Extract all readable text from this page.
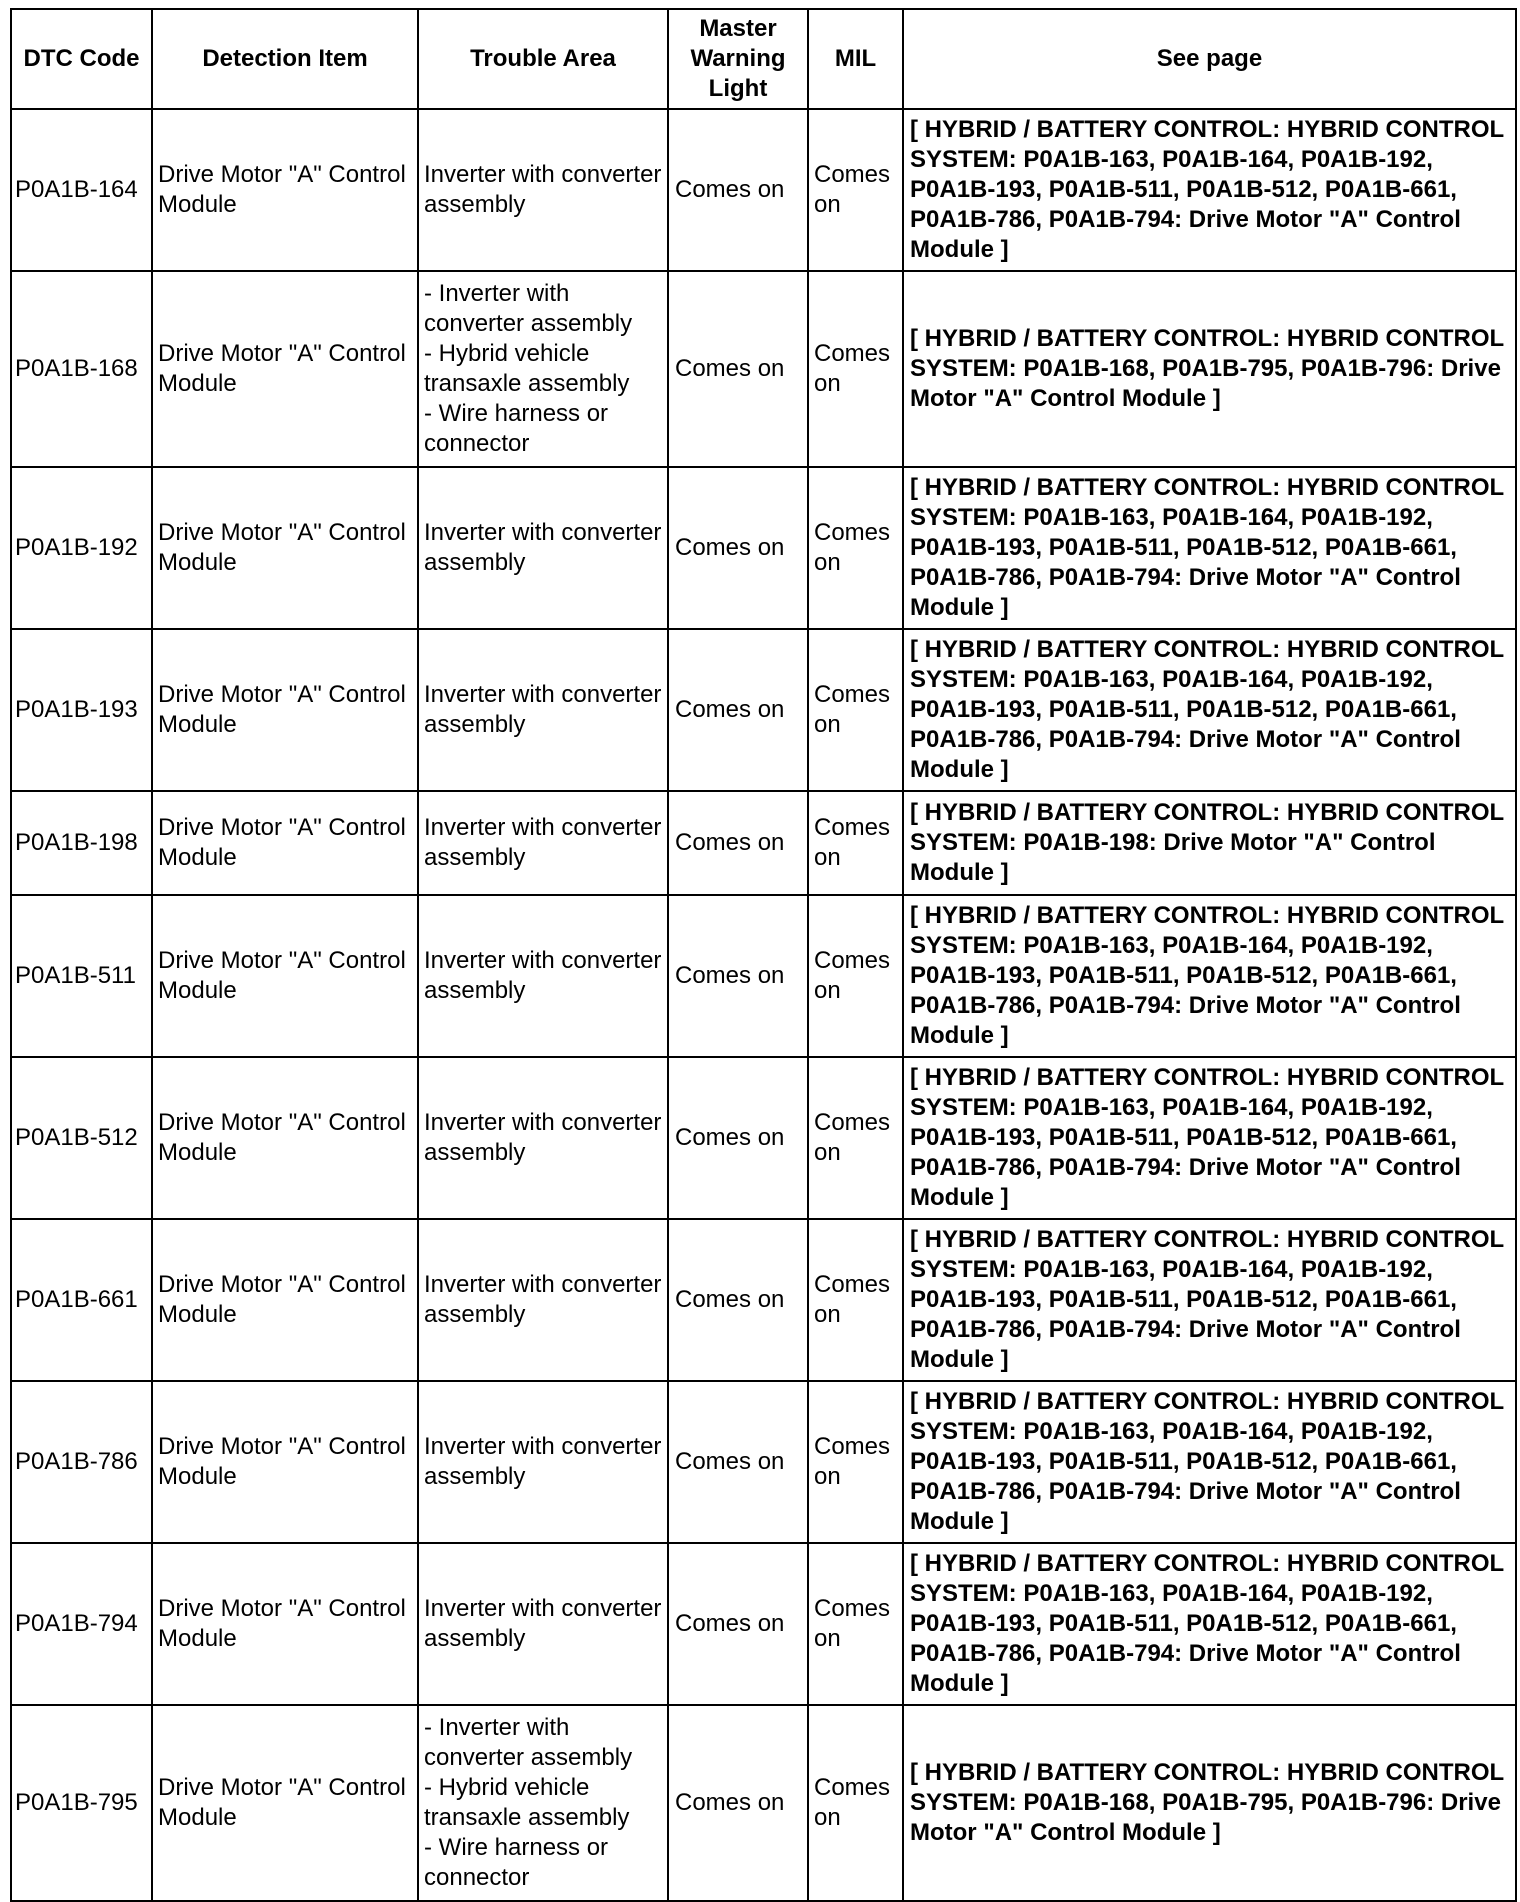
DTC Code	Detection Item	Trouble Area	Master Warning Light	MIL	See page
P0A1B-164	Drive Motor "A" Control Module	Inverter with converter assembly	Comes on	Comes on	[ HYBRID / BATTERY CONTROL: HYBRID CONTROL SYSTEM: P0A1B-163, P0A1B-164, P0A1B-192, P0A1B-193, P0A1B-511, P0A1B-512, P0A1B-661, P0A1B-786, P0A1B-794: Drive Motor "A" Control Module ]
P0A1B-168	Drive Motor "A" Control Module	- Inverter with converter assembly
- Hybrid vehicle transaxle assembly
- Wire harness or connector	Comes on	Comes on	[ HYBRID / BATTERY CONTROL: HYBRID CONTROL SYSTEM: P0A1B-168, P0A1B-795, P0A1B-796: Drive Motor "A" Control Module ]
P0A1B-192	Drive Motor "A" Control Module	Inverter with converter assembly	Comes on	Comes on	[ HYBRID / BATTERY CONTROL: HYBRID CONTROL SYSTEM: P0A1B-163, P0A1B-164, P0A1B-192, P0A1B-193, P0A1B-511, P0A1B-512, P0A1B-661, P0A1B-786, P0A1B-794: Drive Motor "A" Control Module ]
P0A1B-193	Drive Motor "A" Control Module	Inverter with converter assembly	Comes on	Comes on	[ HYBRID / BATTERY CONTROL: HYBRID CONTROL SYSTEM: P0A1B-163, P0A1B-164, P0A1B-192, P0A1B-193, P0A1B-511, P0A1B-512, P0A1B-661, P0A1B-786, P0A1B-794: Drive Motor "A" Control Module ]
P0A1B-198	Drive Motor "A" Control Module	Inverter with converter assembly	Comes on	Comes on	[ HYBRID / BATTERY CONTROL: HYBRID CONTROL SYSTEM: P0A1B-198: Drive Motor "A" Control Module ]
P0A1B-511	Drive Motor "A" Control Module	Inverter with converter assembly	Comes on	Comes on	[ HYBRID / BATTERY CONTROL: HYBRID CONTROL SYSTEM: P0A1B-163, P0A1B-164, P0A1B-192, P0A1B-193, P0A1B-511, P0A1B-512, P0A1B-661, P0A1B-786, P0A1B-794: Drive Motor "A" Control Module ]
P0A1B-512	Drive Motor "A" Control Module	Inverter with converter assembly	Comes on	Comes on	[ HYBRID / BATTERY CONTROL: HYBRID CONTROL SYSTEM: P0A1B-163, P0A1B-164, P0A1B-192, P0A1B-193, P0A1B-511, P0A1B-512, P0A1B-661, P0A1B-786, P0A1B-794: Drive Motor "A" Control Module ]
P0A1B-661	Drive Motor "A" Control Module	Inverter with converter assembly	Comes on	Comes on	[ HYBRID / BATTERY CONTROL: HYBRID CONTROL SYSTEM: P0A1B-163, P0A1B-164, P0A1B-192, P0A1B-193, P0A1B-511, P0A1B-512, P0A1B-661, P0A1B-786, P0A1B-794: Drive Motor "A" Control Module ]
P0A1B-786	Drive Motor "A" Control Module	Inverter with converter assembly	Comes on	Comes on	[ HYBRID / BATTERY CONTROL: HYBRID CONTROL SYSTEM: P0A1B-163, P0A1B-164, P0A1B-192, P0A1B-193, P0A1B-511, P0A1B-512, P0A1B-661, P0A1B-786, P0A1B-794: Drive Motor "A" Control Module ]
P0A1B-794	Drive Motor "A" Control Module	Inverter with converter assembly	Comes on	Comes on	[ HYBRID / BATTERY CONTROL: HYBRID CONTROL SYSTEM: P0A1B-163, P0A1B-164, P0A1B-192, P0A1B-193, P0A1B-511, P0A1B-512, P0A1B-661, P0A1B-786, P0A1B-794: Drive Motor "A" Control Module ]
P0A1B-795	Drive Motor "A" Control Module	- Inverter with converter assembly
- Hybrid vehicle transaxle assembly
- Wire harness or connector	Comes on	Comes on	[ HYBRID / BATTERY CONTROL: HYBRID CONTROL SYSTEM: P0A1B-168, P0A1B-795, P0A1B-796: Drive Motor "A" Control Module ]
